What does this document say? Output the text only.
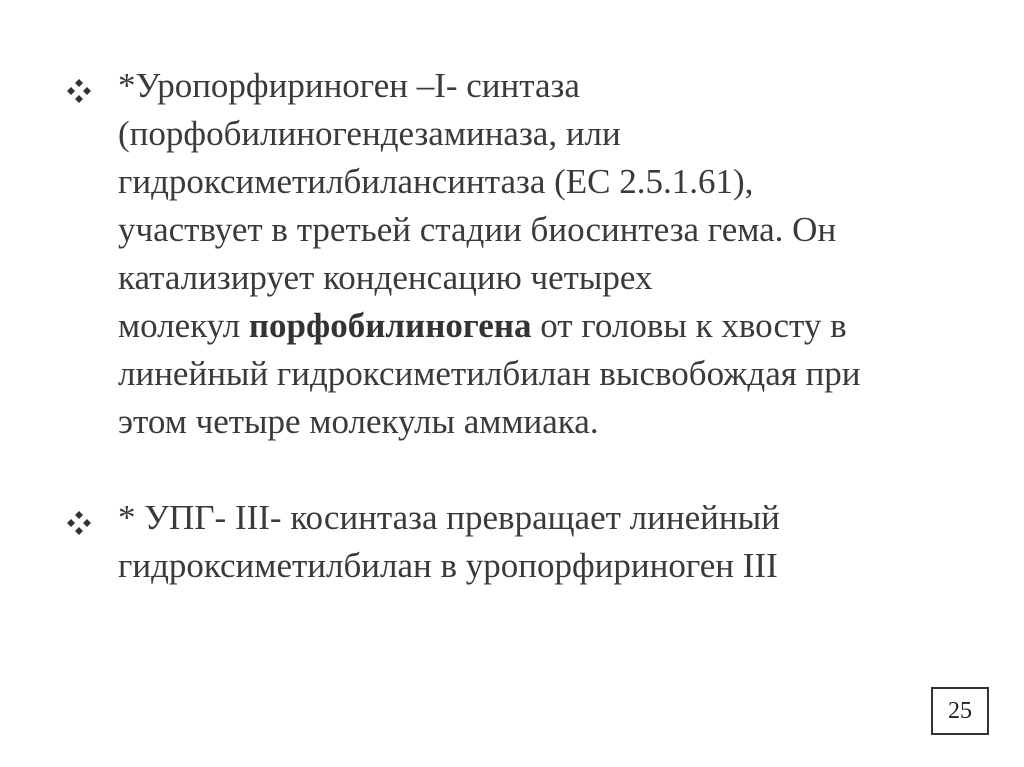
*Уропорфириноген –I- синтаза
(порфобилиногендезаминаза, или
гидроксиметилбилансинтаза (EC 2.5.1.61),
участвует в третьей стадии биосинтеза гема. Он
катализирует конденсацию четырех
молекул порфобилиногена от головы к хвосту в
линейный гидроксиметилбилан высвобождая при
этом четыре молекулы аммиака.
* УПГ- III- косинтаза превращает линейный
гидроксиметилбилан в уропорфириноген III
25
